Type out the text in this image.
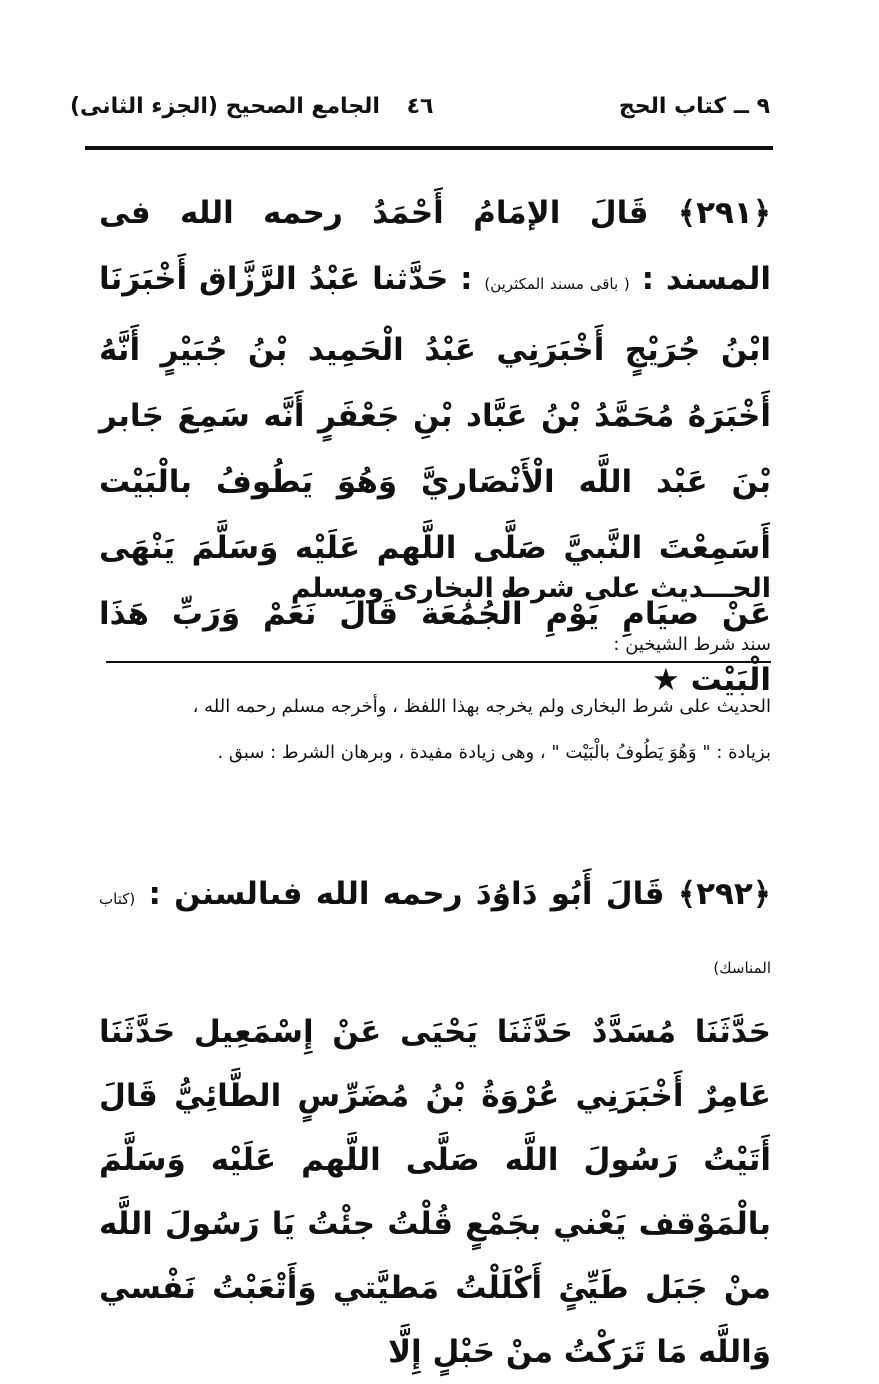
٩ ــ كتاب الحج
٤٦
الجامع الصحيح (الجزء الثانى)
﴿٢٩١﴾ قَالَ الإمَامُ أَحْمَدُ رحمه الله فى المسند : ( باقى مسند المكثرين) : حَدَّثنا عَبْدُ الرَّزَّاق أَخْبَرَنَا ابْنُ جُرَيْجٍ أَخْبَرَنِي عَبْدُ الْحَمِيد بْنُ جُبَيْرٍ أَنَّهُ أَخْبَرَهُ مُحَمَّدُ بْنُ عَبَّاد بْنِ جَعْفَرٍ أَنَّه سَمِعَ جَابر بْنَ عَبْد اللَّه الْأَنْصَاريَّ وَهُوَ يَطُوفُ بالْبَيْت أَسَمِعْتَ النَّبيَّ صَلَّى اللَّهم عَلَيْه وَسَلَّمَ يَنْهَى عَنْ صيَامِ يَوْمِ الْجُمُعَة قَالَ نَعَمْ وَرَبِّ هَذَا الْبَيْت ★
الحـــديث على شرط البخارى ومسلم
سند شرط الشيخين :
الحديث على شرط البخارى ولم يخرجه بهذا اللفظ ، وأخرجه مسلم رحمه الله ،
بزيادة : " وَهُوَ يَطُوفُ بالْبَيْت " ، وهى زيادة مفيدة ، وبرهان الشرط : سبق .
﴿٢٩٢﴾ قَالَ أَبُو دَاوُدَ رحمه الله فىالسنن : (كتاب المناسك)
حَدَّثَنَا مُسَدَّدٌ حَدَّثَنَا يَحْيَى عَنْ إِسْمَعِيل حَدَّثَنَا عَامِرٌ أَخْبَرَنِي عُرْوَةُ بْنُ مُضَرِّسٍ الطَّائِيُّ قَالَ أَتَيْتُ رَسُولَ اللَّه صَلَّى اللَّهم عَلَيْه وَسَلَّمَ بالْمَوْقف يَعْني بجَمْعٍ قُلْتُ جئْتُ يَا رَسُولَ اللَّه منْ جَبَل طَيِّئٍ أَكْلَلْتُ مَطيَّتي وَأَتْعَبْتُ نَفْسي وَاللَّه مَا تَرَكْتُ منْ حَبْلٍ إِلَّا
